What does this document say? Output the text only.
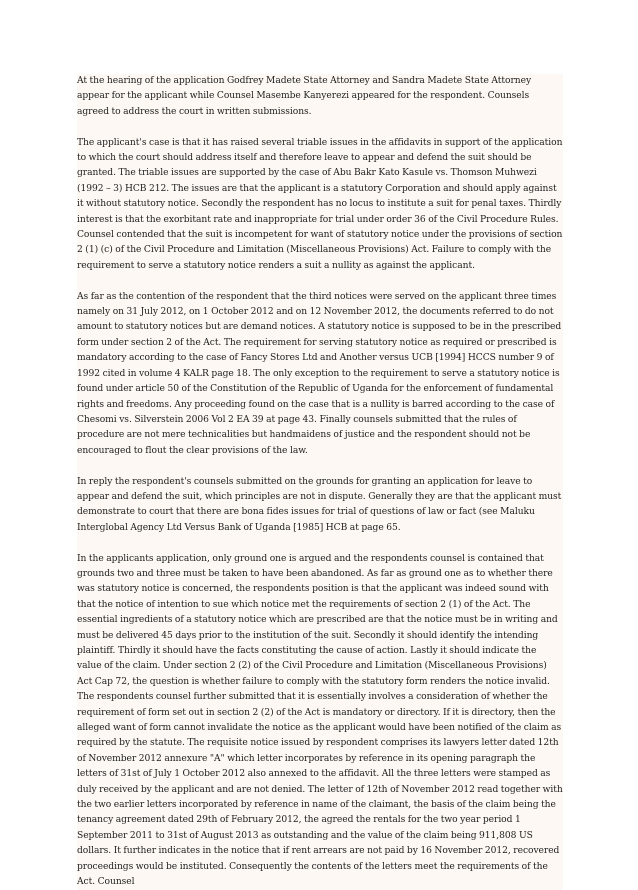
At the hearing of the application Godfrey Madete State Attorney and Sandra Madete State Attorney appear for the applicant while Counsel Masembe Kanyerezi appeared for the respondent. Counsels agreed to address the court in written submissions.

The applicant's case is that it has raised several triable issues in the affidavits in support of the application to which the court should address itself and therefore leave to appear and defend the suit should be granted. The triable issues are supported by the case of Abu Bakr Kato Kasule vs. Thomson Muhwezi (1992 – 3) HCB 212. The issues are that the applicant is a statutory Corporation and should apply against it without statutory notice. Secondly the respondent has no locus to institute a suit for penal taxes. Thirdly interest is that the exorbitant rate and inappropriate for trial under order 36 of the Civil Procedure Rules. Counsel contended that the suit is incompetent for want of statutory notice under the provisions of section 2 (1) (c) of the Civil Procedure and Limitation (Miscellaneous Provisions) Act. Failure to comply with the requirement to serve a statutory notice renders a suit a nullity as against the applicant.

As far as the contention of the respondent that the third notices were served on the applicant three times namely on 31 July 2012, on 1 October 2012 and on 12 November 2012, the documents referred to do not amount to statutory notices but are demand notices. A statutory notice is supposed to be in the prescribed form under section 2 of the Act. The requirement for serving statutory notice as required or prescribed is mandatory according to the case of Fancy Stores Ltd and Another versus UCB [1994] HCCS number 9 of 1992 cited in volume 4 KALR page 18. The only exception to the requirement to serve a statutory notice is found under article 50 of the Constitution of the Republic of Uganda for the enforcement of fundamental rights and freedoms. Any proceeding found on the case that is a nullity is barred according to the case of Chesomi vs. Silverstein 2006 Vol 2 EA 39 at page 43. Finally counsels submitted that the rules of procedure are not mere technicalities but handmaidens of justice and the respondent should not be encouraged to flout the clear provisions of the law.

In reply the respondent's counsels submitted on the grounds for granting an application for leave to appear and defend the suit, which principles are not in dispute. Generally they are that the applicant must demonstrate to court that there are bona fides issues for trial of questions of law or fact (see Maluku Interglobal Agency Ltd Versus Bank of Uganda [1985] HCB at page 65.

In the applicants application, only ground one is argued and the respondents counsel is contained that grounds two and three must be taken to have been abandoned. As far as ground one as to whether there was statutory notice is concerned, the respondents position is that the applicant was indeed sound with that the notice of intention to sue which notice met the requirements of section 2 (1) of the Act. The essential ingredients of a statutory notice which are prescribed are that the notice must be in writing and must be delivered 45 days prior to the institution of the suit. Secondly it should identify the intending plaintiff. Thirdly it should have the facts constituting the cause of action. Lastly it should indicate the value of the claim. Under section 2 (2) of the Civil Procedure and Limitation (Miscellaneous Provisions) Act Cap 72, the question is whether failure to comply with the statutory form renders the notice invalid. The respondents counsel further submitted that it is essentially involves a consideration of whether the requirement of form set out in section 2 (2) of the Act is mandatory or directory. If it is directory, then the alleged want of form cannot invalidate the notice as the applicant would have been notified of the claim as required by the statute. The requisite notice issued by respondent comprises its lawyers letter dated 12th of November 2012 annexure "A" which letter incorporates by reference in its opening paragraph the letters of 31st of July 1 October 2012 also annexed to the affidavit. All the three letters were stamped as duly received by the applicant and are not denied. The letter of 12th of November 2012 read together with the two earlier letters incorporated by reference in name of the claimant, the basis of the claim being the tenancy agreement dated 29th of February 2012, the agreed the rentals for the two year period 1 September 2011 to 31st of August 2013 as outstanding and the value of the claim being 911,808 US dollars. It further indicates in the notice that if rent arrears are not paid by 16 November 2012, recovered proceedings would be instituted. Consequently the contents of the letters meet the requirements of the Act. Counsel
